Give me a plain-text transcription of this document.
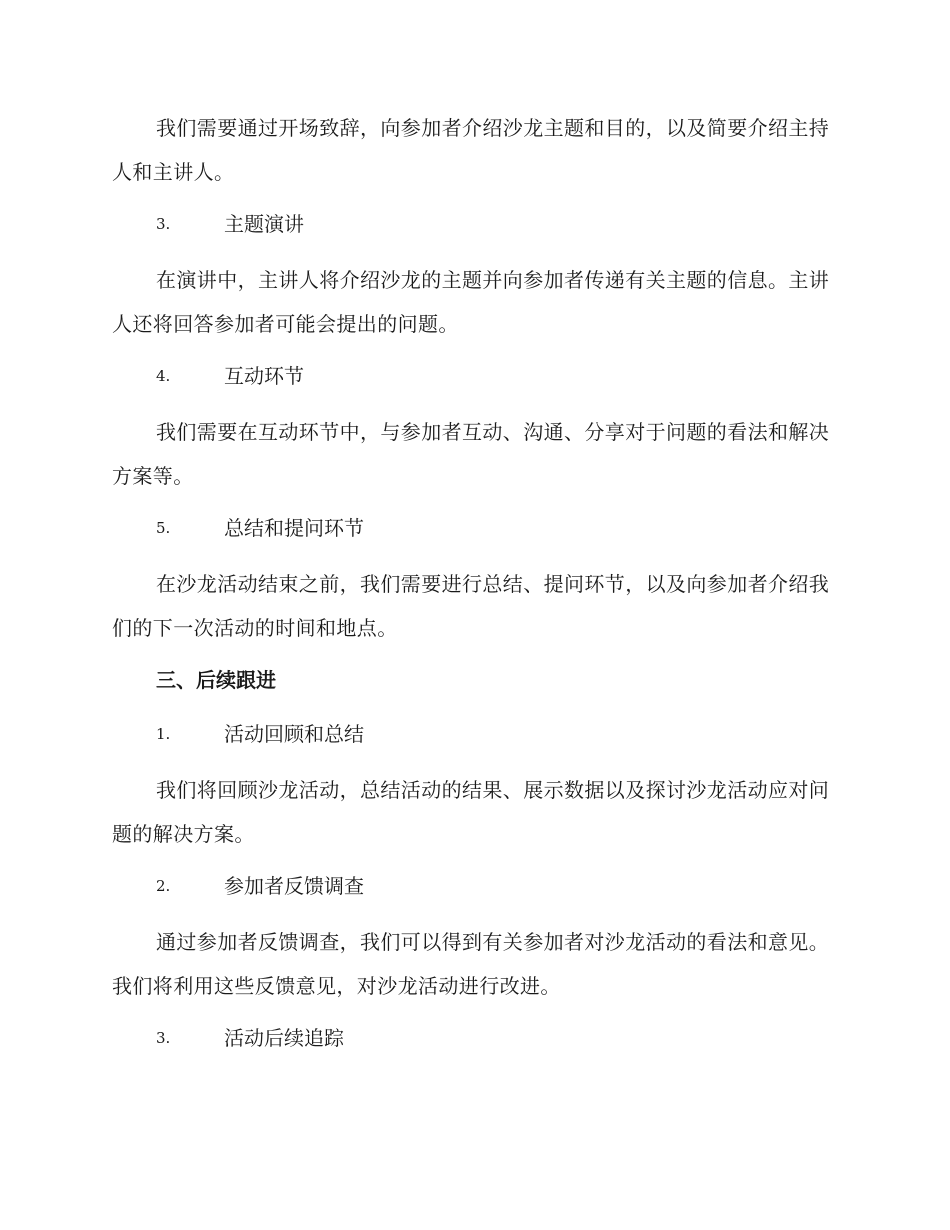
我们需要通过开场致辞，向参加者介绍沙龙主题和目的，以及简要介绍主持人和主讲人。

3.	主题演讲

在演讲中，主讲人将介绍沙龙的主题并向参加者传递有关主题的信息。主讲人还将回答参加者可能会提出的问题。

4.	互动环节

我们需要在互动环节中，与参加者互动、沟通、分享对于问题的看法和解决方案等。

5.	总结和提问环节

在沙龙活动结束之前，我们需要进行总结、提问环节，以及向参加者介绍我们的下一次活动的时间和地点。

三、后续跟进
1.	活动回顾和总结

我们将回顾沙龙活动，总结活动的结果、展示数据以及探讨沙龙活动应对问题的解决方案。

2.	参加者反馈调查

通过参加者反馈调查，我们可以得到有关参加者对沙龙活动的看法和意见。我们将利用这些反馈意见，对沙龙活动进行改进。

3.	活动后续追踪
